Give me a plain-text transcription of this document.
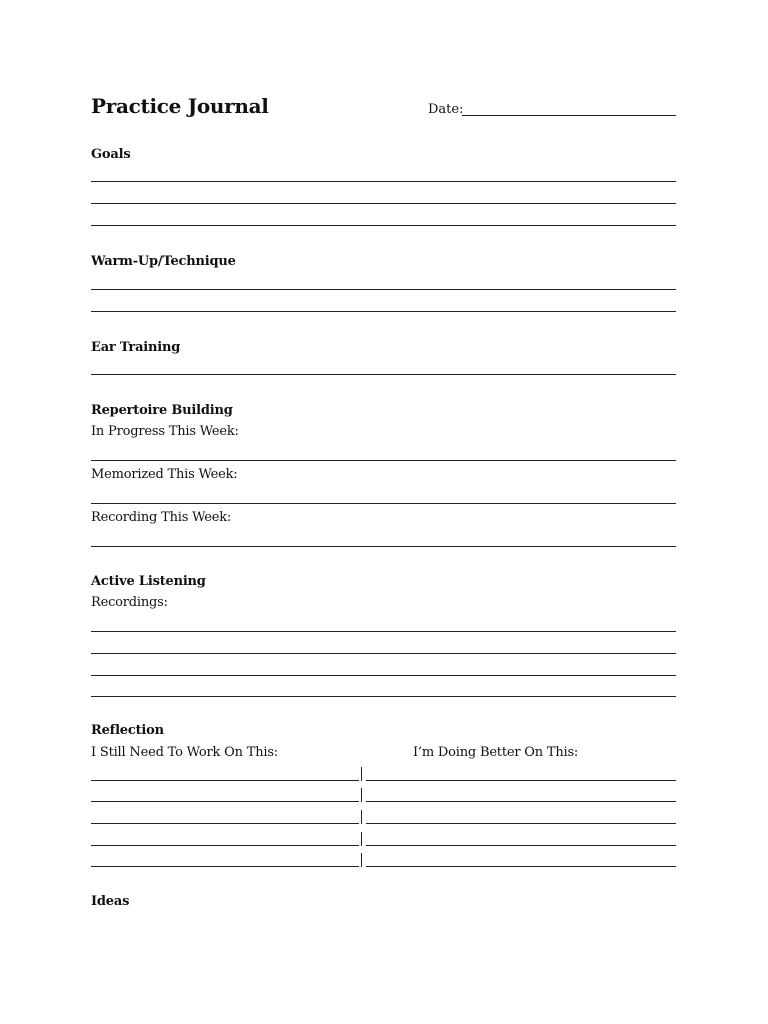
Practice Journal	Date:
Goals
Warm-Up/Technique
Ear Training
Repertoire Building
In Progress This Week:
Memorized This Week:
Recording This Week:
Active Listening
Recordings:
Reflection
I Still Need To Work On This:	I’m Doing Better On This:
Ideas
